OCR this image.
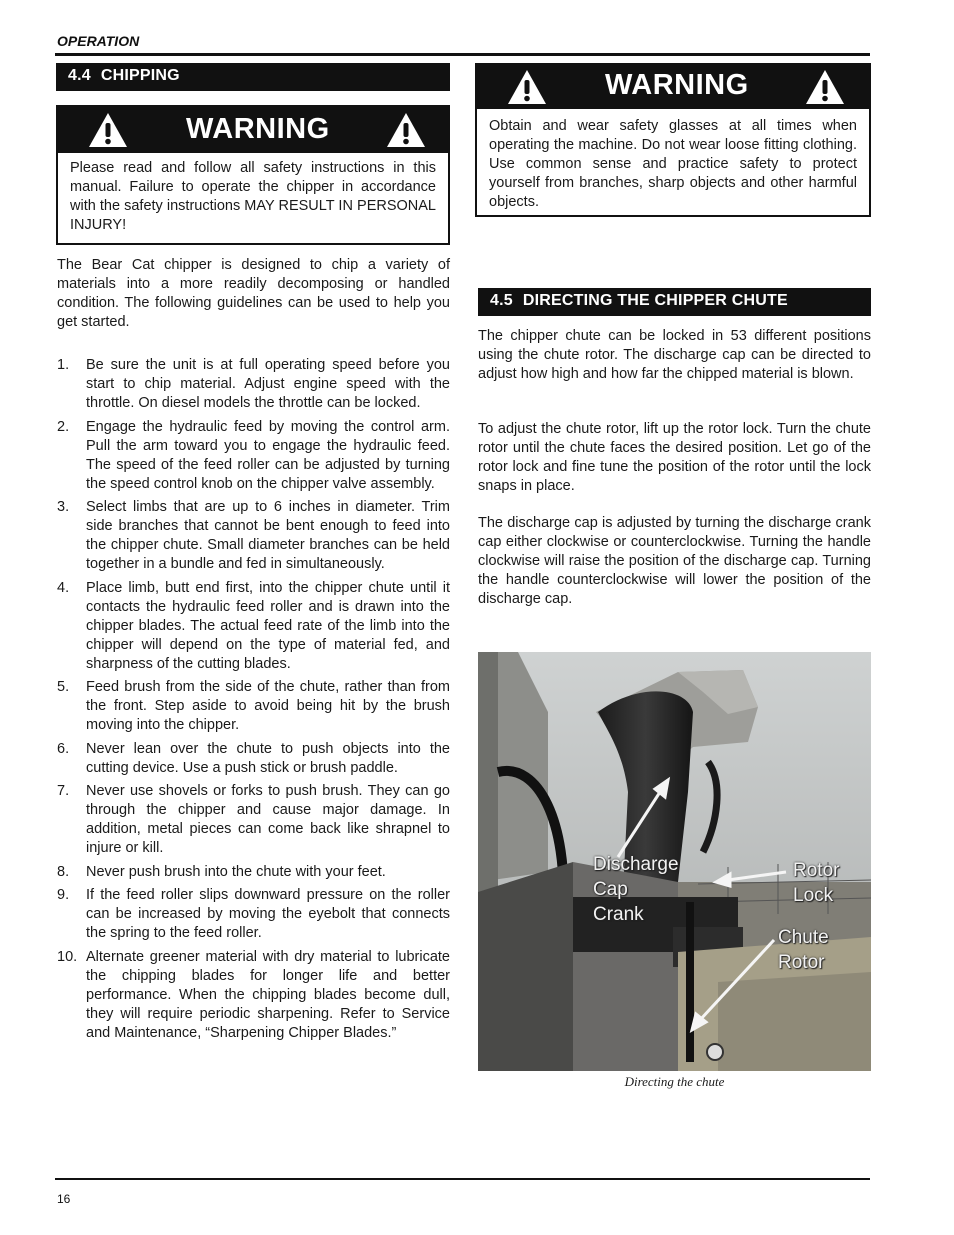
OPERATION
4.4 CHIPPING
WARNING
Please read and follow all safety instructions in this manual. Failure to operate the chipper in accordance with the safety instructions MAY RESULT IN PERSONAL INJURY!
The Bear Cat chipper is designed to chip a variety of materials into a more readily decomposing or handled condition. The following guidelines can be used to help you get started.
1. Be sure the unit is at full operating speed before you start to chip material. Adjust engine speed with the throttle. On diesel models the throttle can be locked.
2. Engage the hydraulic feed by moving the control arm. Pull the arm toward you to engage the hydraulic feed. The speed of the feed roller can be adjusted by turning the speed control knob on the chipper valve assembly.
3. Select limbs that are up to 6 inches in diameter. Trim side branches that cannot be bent enough to feed into the chipper chute. Small diameter branches can be held together in a bundle and fed in simultaneously.
4. Place limb, butt end first, into the chipper chute until it contacts the hydraulic feed roller and is drawn into the chipper blades. The actual feed rate of the limb into the chipper will depend on the type of material fed, and sharpness of the cutting blades.
5. Feed brush from the side of the chute, rather than from the front. Step aside to avoid being hit by the brush moving into the chipper.
6. Never lean over the chute to push objects into the cutting device. Use a push stick or brush paddle.
7. Never use shovels or forks to push brush. They can go through the chipper and cause major damage. In addition, metal pieces can come back like shrapnel to injure or kill.
8. Never push brush into the chute with your feet.
9. If the feed roller slips downward pressure on the roller can be increased by moving the eyebolt that connects the spring to the feed roller.
10. Alternate greener material with dry material to lubricate the chipping blades for longer life and better performance. When the chipping blades become dull, they will require periodic sharpening. Refer to Service and Maintenance, “Sharpening Chipper Blades.”
WARNING
Obtain and wear safety glasses at all times when operating the machine. Do not wear loose fitting clothing. Use common sense and practice safety to protect yourself from branches, sharp objects and other harmful objects.
4.5 DIRECTING THE CHIPPER CHUTE
The chipper chute can be locked in 53 different positions using the chute rotor. The discharge cap can be directed to adjust how high and how far the chipped material is blown.
To adjust the chute rotor, lift up the rotor lock. Turn the chute rotor until the chute faces the desired position. Let go of the rotor lock and fine tune the position of the rotor until the lock snaps in place.
The discharge cap is adjusted by turning the discharge crank cap either clockwise or counterclockwise. Turning the handle clockwise will raise the position of the discharge cap. Turning the handle counterclockwise will lower the position of the discharge cap.
Discharge
Cap
Crank
Rotor
Lock
Chute
Rotor
Directing the chute
16
